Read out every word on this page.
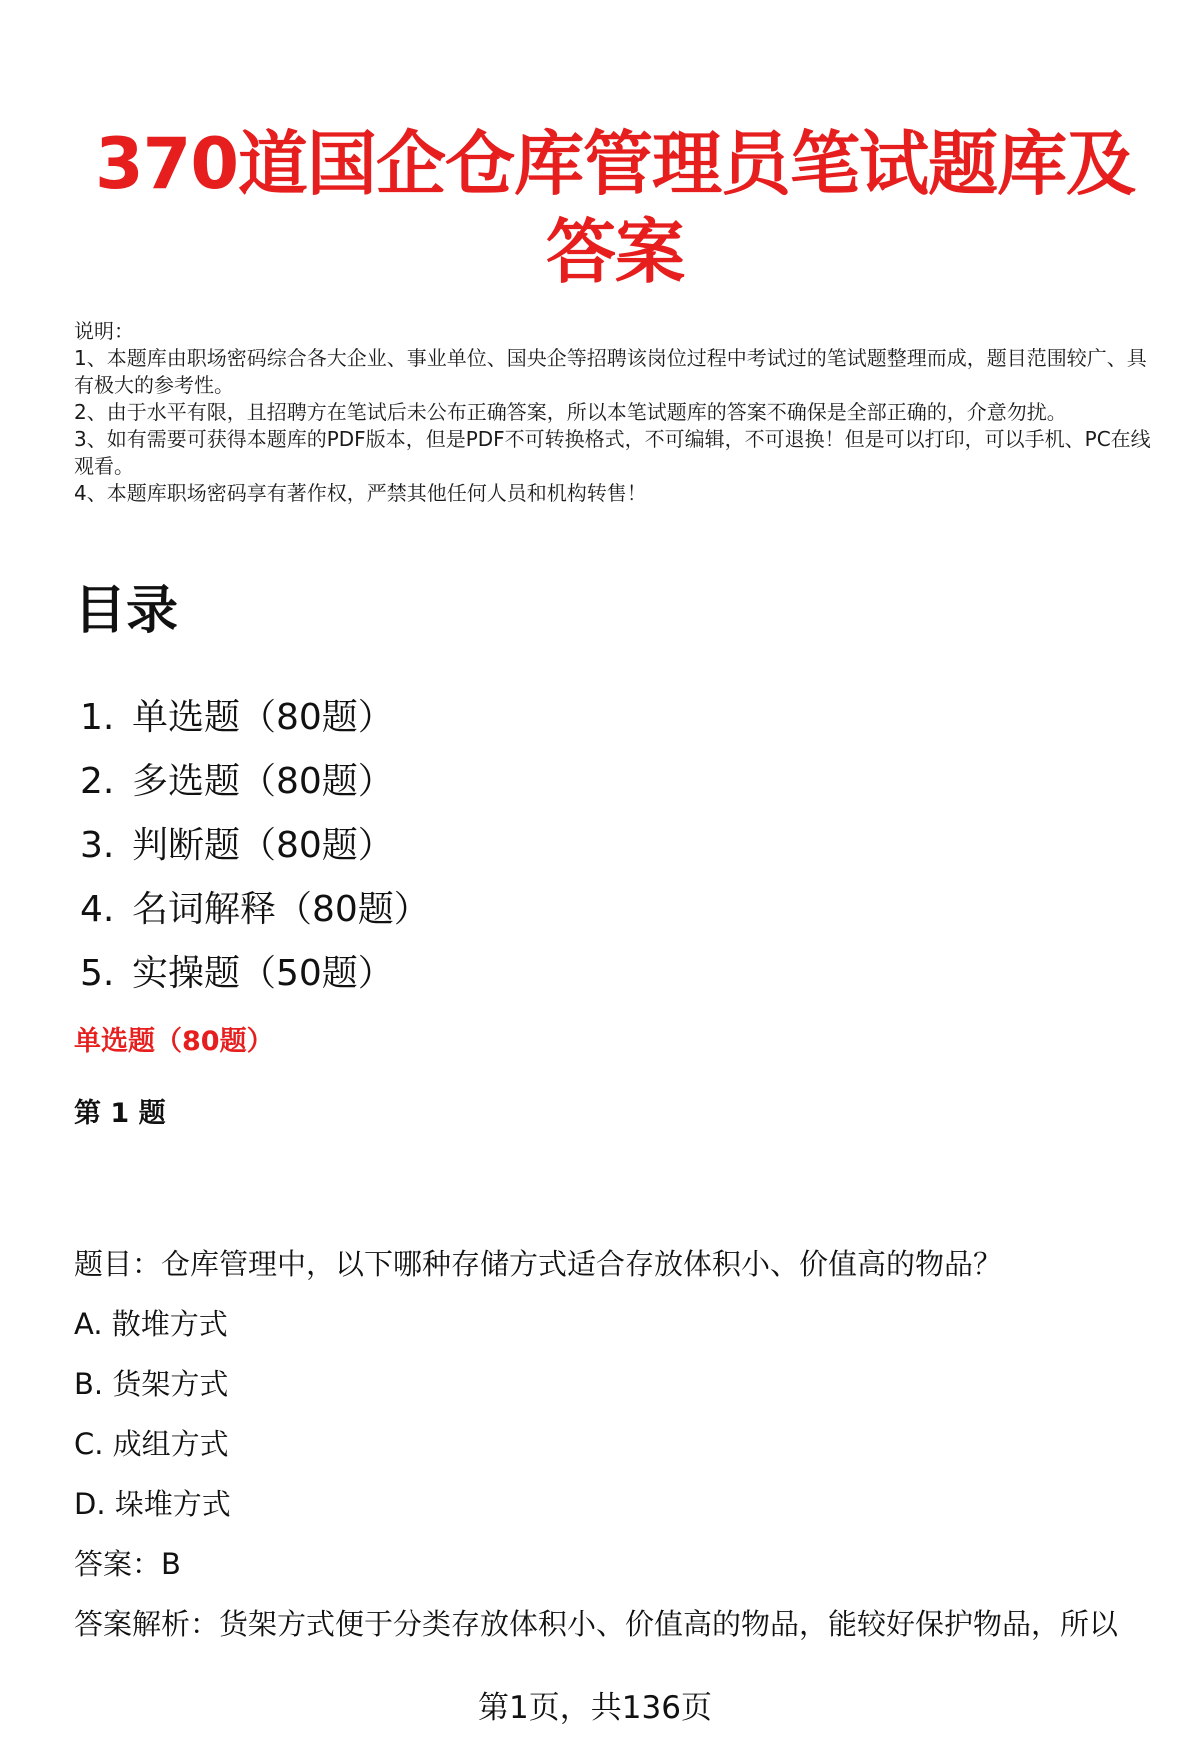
370道国企仓库管理员笔试题库及答案
说明：
1、本题库由职场密码综合各大企业、事业单位、国央企等招聘该岗位过程中考试过的笔试题整理而成，题目范围较广、具有极大的参考性。
2、由于水平有限，且招聘方在笔试后未公布正确答案，所以本笔试题库的答案不确保是全部正确的，介意勿扰。
3、如有需要可获得本题库的PDF版本，但是PDF不可转换格式，不可编辑，不可退换！但是可以打印，可以手机、PC在线观看。
4、本题库职场密码享有著作权，严禁其他任何人员和机构转售！
目录
1. 单选题（80题）
2. 多选题（80题）
3. 判断题（80题）
4. 名词解释（80题）
5. 实操题（50题）
单选题（80题）
第 1 题
题目：仓库管理中，以下哪种存储方式适合存放体积小、价值高的物品？
A. 散堆方式
B. 货架方式
C. 成组方式
D. 垛堆方式
答案：B
答案解析：货架方式便于分类存放体积小、价值高的物品，能较好保护物品，所以
第1页，共136页
